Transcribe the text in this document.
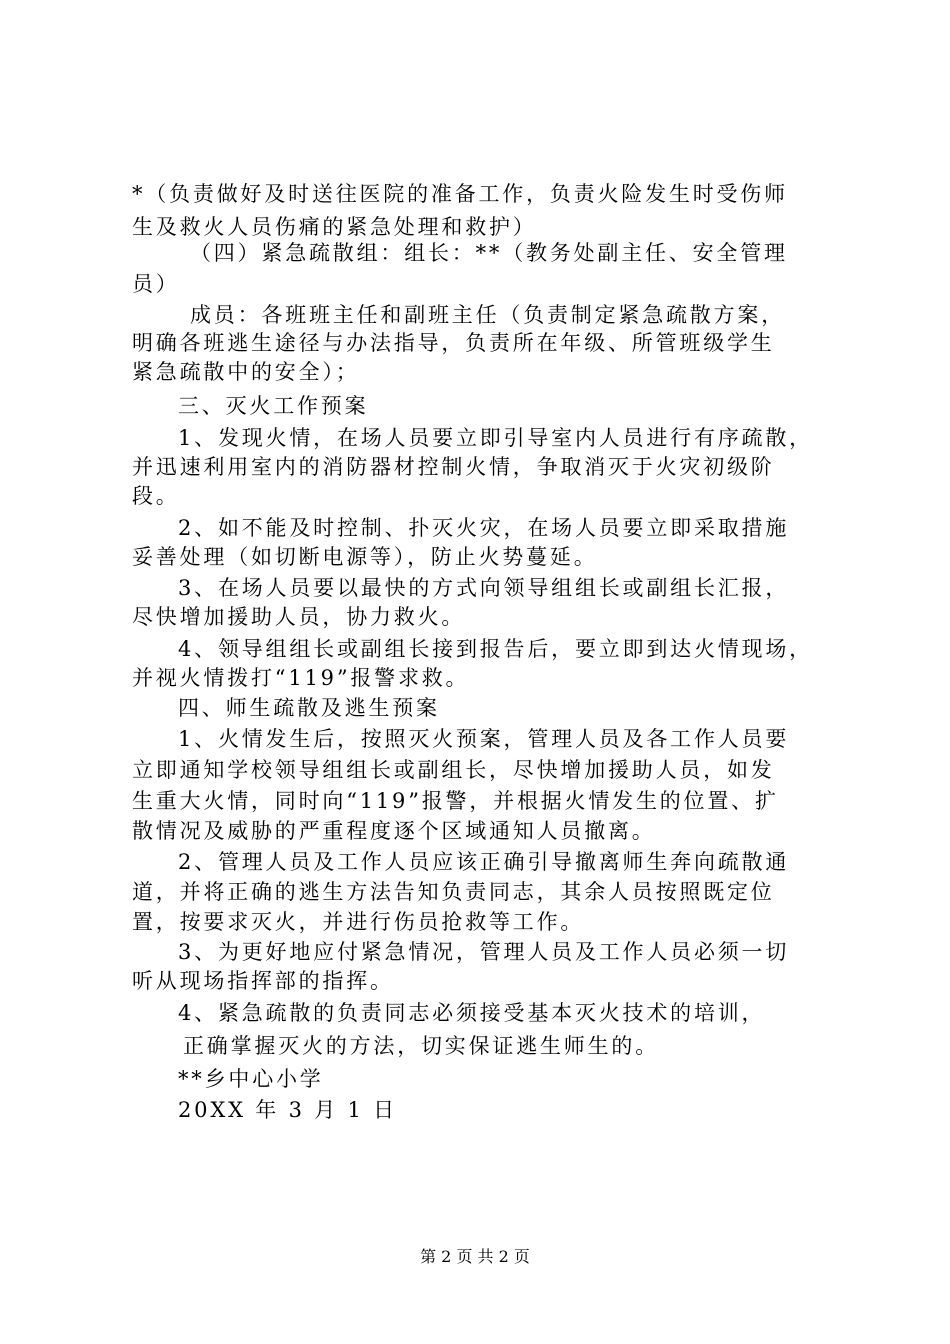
*（负责做好及时送往医院的准备工作，负责火险发生时受伤师
生及救火人员伤痛的紧急处理和救护）
（四）紧急疏散组：组长：**（教务处副主任、安全管理
员）
成员：各班班主任和副班主任（负责制定紧急疏散方案，
明确各班逃生途径与办法指导，负责所在年级、所管班级学生
紧急疏散中的安全）；
三、灭火工作预案
1、发现火情，在场人员要立即引导室内人员进行有序疏散，
并迅速利用室内的消防器材控制火情，争取消灭于火灾初级阶
段。
2、如不能及时控制、扑灭火灾，在场人员要立即采取措施
妥善处理（如切断电源等），防止火势蔓延。
3、在场人员要以最快的方式向领导组组长或副组长汇报，
尽快增加援助人员，协力救火。
4、领导组组长或副组长接到报告后，要立即到达火情现场，
并视火情拨打“119”报警求救。
四、师生疏散及逃生预案
1、火情发生后，按照灭火预案，管理人员及各工作人员要
立即通知学校领导组组长或副组长，尽快增加援助人员，如发
生重大火情，同时向“119”报警，并根据火情发生的位置、扩
散情况及威胁的严重程度逐个区域通知人员撤离。
2、管理人员及工作人员应该正确引导撤离师生奔向疏散通
道，并将正确的逃生方法告知负责同志，其余人员按照既定位
置，按要求灭火，并进行伤员抢救等工作。
3、为更好地应付紧急情况，管理人员及工作人员必须一切
听从现场指挥部的指挥。
4、紧急疏散的负责同志必须接受基本灭火技术的培训，
正确掌握灭火的方法，切实保证逃生师生的。
**乡中心小学
20XX 年 3 月 1 日
第 2 页 共 2 页
